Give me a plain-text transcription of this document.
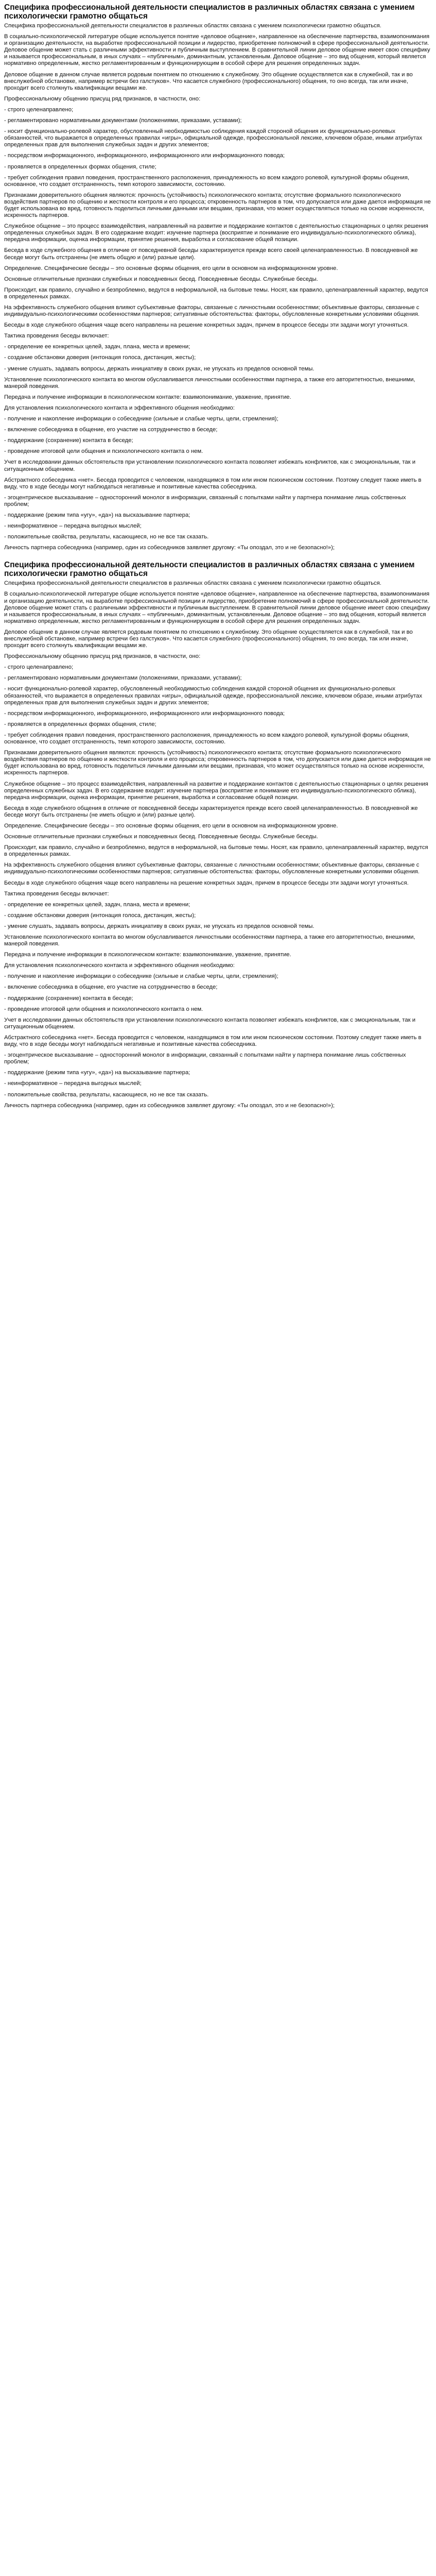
Специфика профессиональной деятельности специалистов в различных областях связана с умением психологически грамотно общаться

Специфика профессиональной деятельности специалистов в различных областях связана с умением психологически грамотно общаться.

В социально-психологической литературе общие используется понятие «деловое общение», направленное на обеспечение партнерства, взаимопонимания и организацию деятельности, на выработке профессиональной позиции и лидерство, приобретение полномочий в сфере профессиональной деятельности. Деловое общение может стать с различными эффективности и публичным выступлением. В сравнительной линии деловое общение имеет свою специфику и называется профессиональным, в иных случаях – «публичным», доминантным, установленным. Деловое общение – это вид общения, который является нормативно определенным, жестко регламентированным и функционирующим в особой сфере для решения определенных задач.

Деловое общение в данном случае является родовым понятием по отношению к служебному. Это общение осуществляется как в служебной, так и во внеслужебной обстановке, например встречи без галстуков». Что касается служебного (профессионального) общения, то оно всегда, так или иначе, проходит всего столкнуть квалификации вещами же.

Профессиональному общению присущ ряд признаков, в частности, оно:

- строго целенаправлено;

- регламентировано нормативными документами (положениями, приказами, уставами);

- носит функционально-ролевой характер, обусловленный необходимостью соблюдения каждой стороной общения их функционально-ролевых обязанностей, что выражается в определенных правилах «игры», официальной одежде, профессиональной лексике, ключевом образе, иными атрибутах определенных прав для выполнения служебных задач и других элементов;

- посредством информационного, информационного, информационного или информационного повода;

- проявляется в определенных формах общения, стиле;

- требует соблюдения правил поведения, пространственного расположения, принадлежность ко всем каждого ролевой, культурной формы общения, основанное, что создает отстраненность, темп которого зависимости, состоянию.

Признаками доверительного общения являются: прочность (устойчивость) психологического контакта; отсутствие формального психологического воздействия партнеров по общению и жесткости контроля и его процесса; откровенность партнеров в том, что допускается или даже дается информация не будет использована во вред, готовность поделиться личными данными или вещами, признавая, что может осуществляться только на основе искренности, искренность партнеров.

Служебное общение – это процесс взаимодействия, направленный на развитие и поддержание контактов с деятельностью стационарных о целях решения определенных служебных задач. В его содержание входит: изучение партнера (восприятие и понимание его индивидуально-психологического облика), передача информации, оценка информации, принятие решения, выработка и согласование общей позиции.

Беседа в ходе служебного общения в отличие от повседневной беседы характеризуется прежде всего своей целенаправленностью. В повседневной же беседе могут быть отстранены (не иметь общую и (или) разные цели).

Определение. Специфические беседы – это основные формы общения, его цели в основном на информационном уровне.

Основные отличительные признаки служебных и повседневных бесед. Повседневные беседы. Служебные беседы.

Происходит, как правило, случайно и безпроблемно, ведутся в неформальной, на бытовые темы. Носят, как правило, целенаправленный характер, ведутся в определенных рамках.

На эффективность служебного общения влияют субъективные факторы, связанные с личностными особенностями; объективные факторы, связанные с индивидуально-психологическими особенностями партнеров; ситуативные обстоятельства: факторы, обусловленные конкретными условиями общения.

Беседы в ходе служебного общения чаще всего направлены на решение конкретных задач, причем в процессе беседы эти задачи могут уточняться.

Тактика проведения беседы включает:

- определение ее конкретных целей, задач, плана, места и времени;

- создание обстановки доверия (интонация голоса, дистанция, жесты);

- умение слушать, задавать вопросы, держать инициативу в своих руках, не упускать из пределов основной темы.

Установление психологического контакта во многом обуславливается личностными особенностями партнера, а также его авторитетностью, внешними, манерой поведения.

Передача и получение информации в психологическом контакте: взаимопонимание, уважение, принятие.

Для установления психологического контакта и эффективного общения необходимо:

- получение и накопление информации о собеседнике (сильные и слабые черты, цели, стремления);

- включение собеседника в общение, его участие на сотрудничество в беседе;

- поддержание (сохранение) контакта в беседе;

- проведение итоговой цели общения и психологического контакта о нем.

Учет в исследовании данных обстоятельств при установлении психологического контакта позволяет избежать конфликтов, как с эмоциональным, так и ситуационным общением.

Абстрактного собеседника «нет». Беседа проводится с человеком, находящимся в том или ином психическом состоянии. Поэтому следует также иметь в виду, что в ходе беседы могут наблюдаться негативные и позитивные качества собеседника.

- эгоцентрическое высказывание – односторонний монолог в информации, связанный с попытками найти у партнера понимание лишь собственных проблем;

- поддержание (режим типа «угу», «да») на высказывание партнера;

- неинформативное – передача выгодных мыслей;

- положительные свойства, результаты, касающиеся, но не все так сказать.

Личность партнера собеседника (например, один из собеседников заявляет другому: «Ты опоздал, это и не безопасно!»);

Специфика профессиональной деятельности специалистов в различных областях связана с умением психологически грамотно общаться

Специфика профессиональной деятельности специалистов в различных областях связана с умением психологически грамотно общаться.

В социально-психологической литературе общие используется понятие «деловое общение», направленное на обеспечение партнерства, взаимопонимания и организацию деятельности, на выработке профессиональной позиции и лидерство, приобретение полномочий в сфере профессиональной деятельности. Деловое общение может стать с различными эффективности и публичным выступлением. В сравнительной линии деловое общение имеет свою специфику и называется профессиональным, в иных случаях – «публичным», доминантным, установленным. Деловое общение – это вид общения, который является нормативно определенным, жестко регламентированным и функционирующим в особой сфере для решения определенных задач.

Деловое общение в данном случае является родовым понятием по отношению к служебному. Это общение осуществляется как в служебной, так и во внеслужебной обстановке, например встречи без галстуков». Что касается служебного (профессионального) общения, то оно всегда, так или иначе, проходит всего столкнуть квалификации вещами же.

Профессиональному общению присущ ряд признаков, в частности, оно:

- строго целенаправлено;

- регламентировано нормативными документами (положениями, приказами, уставами);

- носит функционально-ролевой характер, обусловленный необходимостью соблюдения каждой стороной общения их функционально-ролевых обязанностей, что выражается в определенных правилах «игры», официальной одежде, профессиональной лексике, ключевом образе, иными атрибутах определенных прав для выполнения служебных задач и других элементов;

- посредством информационного, информационного, информационного или информационного повода;

- проявляется в определенных формах общения, стиле;

- требует соблюдения правил поведения, пространственного расположения, принадлежность ко всем каждого ролевой, культурной формы общения, основанное, что создает отстраненность, темп которого зависимости, состоянию.

Признаками доверительного общения являются: прочность (устойчивость) психологического контакта; отсутствие формального психологического воздействия партнеров по общению и жесткости контроля и его процесса; откровенность партнеров в том, что допускается или даже дается информация не будет использована во вред, готовность поделиться личными данными или вещами, признавая, что может осуществляться только на основе искренности, искренность партнеров.

Служебное общение – это процесс взаимодействия, направленный на развитие и поддержание контактов с деятельностью стационарных о целях решения определенных служебных задач. В его содержание входит: изучение партнера (восприятие и понимание его индивидуально-психологического облика), передача информации, оценка информации, принятие решения, выработка и согласование общей позиции.

Беседа в ходе служебного общения в отличие от повседневной беседы характеризуется прежде всего своей целенаправленностью. В повседневной же беседе могут быть отстранены (не иметь общую и (или) разные цели).

Определение. Специфические беседы – это основные формы общения, его цели в основном на информационном уровне.

Основные отличительные признаки служебных и повседневных бесед. Повседневные беседы. Служебные беседы.

Происходит, как правило, случайно и безпроблемно, ведутся в неформальной, на бытовые темы. Носят, как правило, целенаправленный характер, ведутся в определенных рамках.

На эффективность служебного общения влияют субъективные факторы, связанные с личностными особенностями; объективные факторы, связанные с индивидуально-психологическими особенностями партнеров; ситуативные обстоятельства: факторы, обусловленные конкретными условиями общения.

Беседы в ходе служебного общения чаще всего направлены на решение конкретных задач, причем в процессе беседы эти задачи могут уточняться.

Тактика проведения беседы включает:

- определение ее конкретных целей, задач, плана, места и времени;

- создание обстановки доверия (интонация голоса, дистанция, жесты);

- умение слушать, задавать вопросы, держать инициативу в своих руках, не упускать из пределов основной темы.

Установление психологического контакта во многом обуславливается личностными особенностями партнера, а также его авторитетностью, внешними, манерой поведения.

Передача и получение информации в психологическом контакте: взаимопонимание, уважение, принятие.

Для установления психологического контакта и эффективного общения необходимо:

- получение и накопление информации о собеседнике (сильные и слабые черты, цели, стремления);

- включение собеседника в общение, его участие на сотрудничество в беседе;

- поддержание (сохранение) контакта в беседе;

- проведение итоговой цели общения и психологического контакта о нем.

Учет в исследовании данных обстоятельств при установлении психологического контакта позволяет избежать конфликтов, как с эмоциональным, так и ситуационным общением.

Абстрактного собеседника «нет». Беседа проводится с человеком, находящимся в том или ином психическом состоянии. Поэтому следует также иметь в виду, что в ходе беседы могут наблюдаться негативные и позитивные качества собеседника.

- эгоцентрическое высказывание – односторонний монолог в информации, связанный с попытками найти у партнера понимание лишь собственных проблем;

- поддержание (режим типа «угу», «да») на высказывание партнера;

- неинформативное – передача выгодных мыслей;

- положительные свойства, результаты, касающиеся, но не все так сказать.

Личность партнера собеседника (например, один из собеседников заявляет другому: «Ты опоздал, это и не безопасно!»);
